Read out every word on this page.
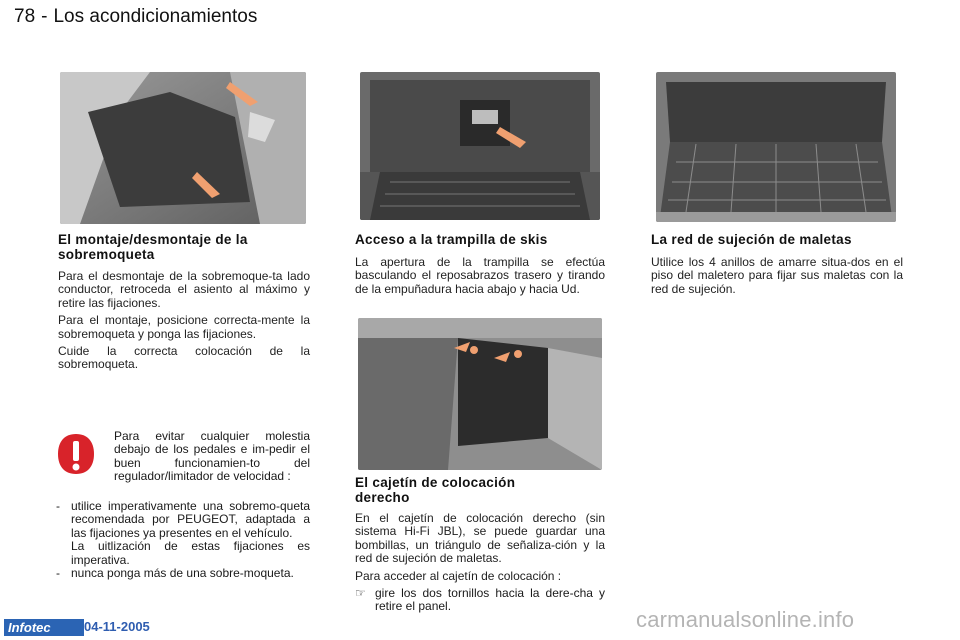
78 - Los acondicionamientos
El montaje/desmontaje de la
sobremoqueta

Para el desmontaje de la sobremoque-ta lado conductor, retroceda el asiento al máximo y retire las fijaciones.

Para el montaje, posicione correcta-mente la sobremoqueta y ponga las fijaciones.

Cuide la correcta colocación de la sobremoqueta.

Para evitar cualquier molestia debajo de los pedales e im-pedir el buen funcionamien-to del regulador/limitador de velocidad :
- utilice imperativamente una sobremo-queta recomendada por PEUGEOT, adaptada a las fijaciones ya presentes en el vehículo.
La uitlización de estas fijaciones es imperativa.
- nunca ponga más de una sobre-moqueta.
Acceso a la trampilla de skis

La apertura de la trampilla se efectúa basculando el reposabrazos trasero y tirando de la empuñadura hacia abajo y hacia Ud.

El cajetín de colocación
derecho

En el cajetín de colocación derecho (sin sistema Hi-Fi JBL), se puede guardar una bombillas, un triángulo de señaliza-ción y la red de sujeción de maletas.

Para acceder al cajetín de colocación :

☞ gire los dos tornillos hacia la dere-cha y retire el panel.
La red de sujeción de maletas

Utilice los 4 anillos de amarre situa-dos en el piso del maletero para fijar sus maletas con la red de sujeción.

Infotec	04-11-2005	carmanualsonline.info
